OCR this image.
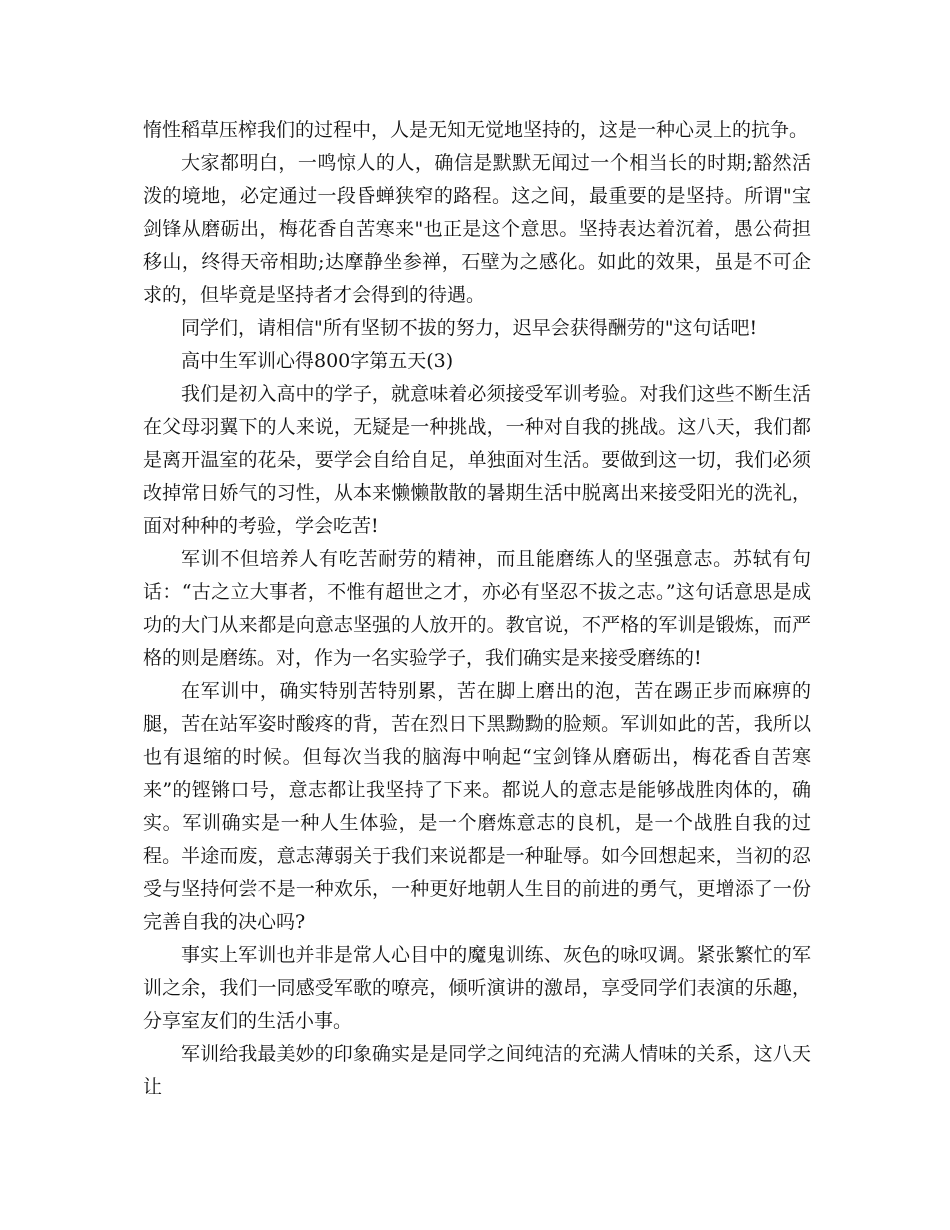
惰性稻草压榨我们的过程中，人是无知无觉地坚持的，这是一种心灵上的抗争。

大家都明白，一鸣惊人的人，确信是默默无闻过一个相当长的时期;豁然活泼的境地，必定通过一段昏蝉狭窄的路程。这之间，最重要的是坚持。所谓"宝剑锋从磨砺出，梅花香自苦寒来"也正是这个意思。坚持表达着沉着，愚公荷担移山，终得天帝相助;达摩静坐参禅，石壁为之感化。如此的效果，虽是不可企求的，但毕竟是坚持者才会得到的待遇。

同学们，请相信"所有坚韧不拔的努力，迟早会获得酬劳的"这句话吧!

高中生军训心得800字第五天(3)

我们是初入高中的学子，就意味着必须接受军训考验。对我们这些不断生活在父母羽翼下的人来说，无疑是一种挑战，一种对自我的挑战。这八天，我们都是离开温室的花朵，要学会自给自足，单独面对生活。要做到这一切，我们必须改掉常日娇气的习性，从本来懒懒散散的暑期生活中脱离出来接受阳光的洗礼，面对种种的考验，学会吃苦!

军训不但培养人有吃苦耐劳的精神，而且能磨练人的坚强意志。苏轼有句话：“古之立大事者，不惟有超世之才，亦必有坚忍不拔之志。”这句话意思是成功的大门从来都是向意志坚强的人放开的。教官说，不严格的军训是锻炼，而严格的则是磨练。对，作为一名实验学子，我们确实是来接受磨练的!

在军训中，确实特别苦特别累，苦在脚上磨出的泡，苦在踢正步而麻痹的腿，苦在站军姿时酸疼的背，苦在烈日下黑黝黝的脸颊。军训如此的苦，我所以也有退缩的时候。但每次当我的脑海中响起“宝剑锋从磨砺出，梅花香自苦寒来”的铿锵口号，意志都让我坚持了下来。都说人的意志是能够战胜肉体的，确实。军训确实是一种人生体验，是一个磨炼意志的良机，是一个战胜自我的过程。半途而废，意志薄弱关于我们来说都是一种耻辱。如今回想起来，当初的忍受与坚持何尝不是一种欢乐，一种更好地朝人生目的前进的勇气，更增添了一份完善自我的决心吗?

事实上军训也并非是常人心目中的魔鬼训练、灰色的咏叹调。紧张繁忙的军训之余，我们一同感受军歌的嘹亮，倾听演讲的激昂，享受同学们表演的乐趣，分享室友们的生活小事。

军训给我最美妙的印象确实是是同学之间纯洁的充满人情味的关系，这八天让
